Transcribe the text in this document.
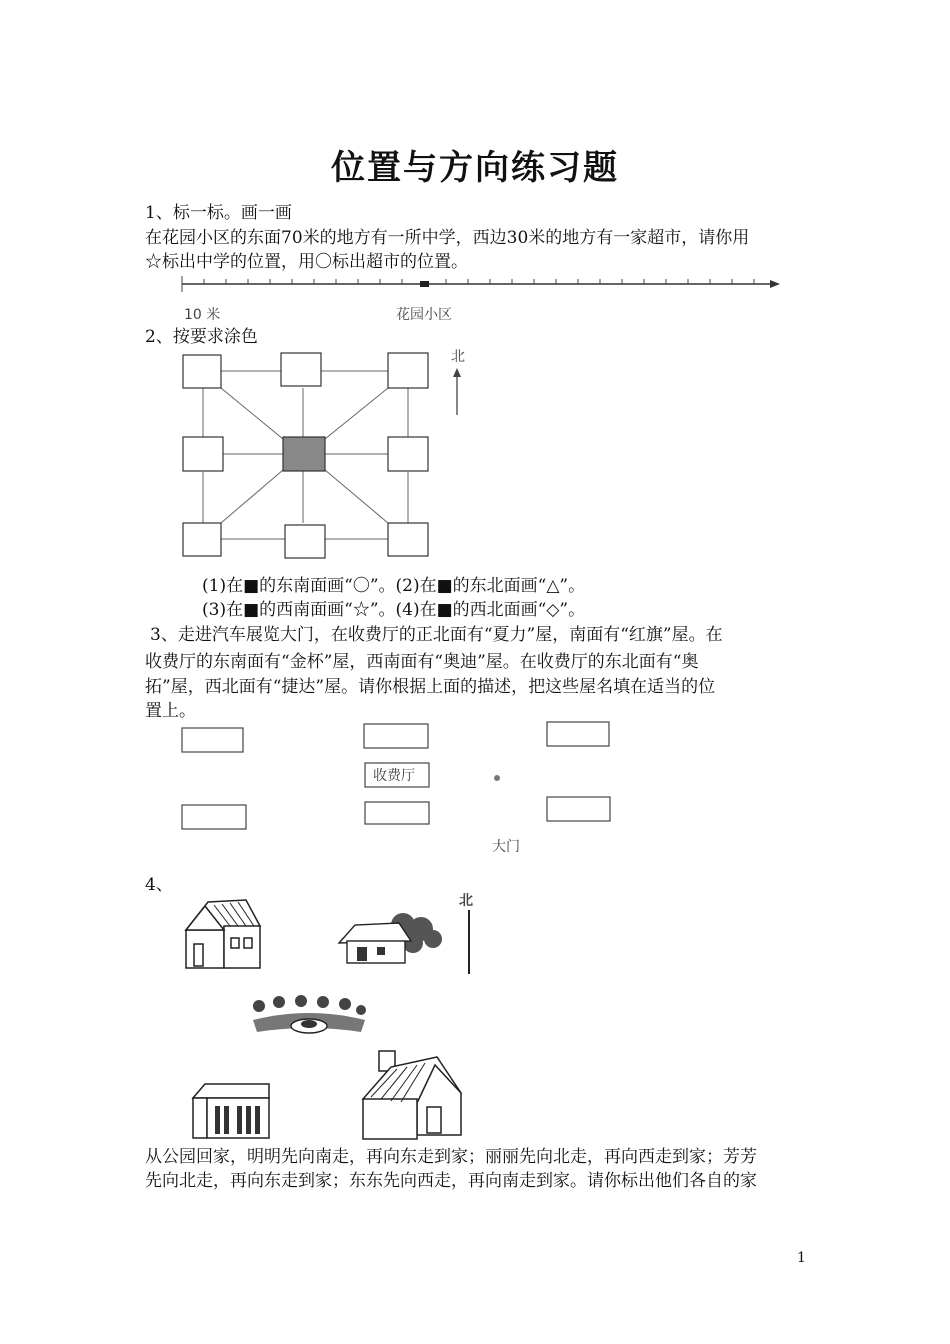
位置与方向练习题
1、标一标。画一画
在花园小区的东面70米的地方有一所中学，西边30米的地方有一家超市，请你用
☆标出中学的位置，用〇标出超市的位置。
10 米	花园小区
2、按要求涂色
北
(1)在■的东南面画“〇”。(2)在■的东北面画“△”。
(3)在■的西南面画“☆”。(4)在■的西北面画“◇”。
3、走进汽车展览大门，在收费厅的正北面有“夏力”屋，南面有“红旗”屋。在
收费厅的东南面有“金杯”屋，西南面有“奥迪”屋。在收费厅的东北面有“奥
拓”屋，西北面有“捷达”屋。请你根据上面的描述，把这些屋名填在适当的位
置上。
收费厅
大门
4、
北
从公园回家，明明先向南走，再向东走到家；丽丽先向北走，再向西走到家；芳芳
先向北走，再向东走到家；东东先向西走，再向南走到家。请你标出他们各自的家
1
